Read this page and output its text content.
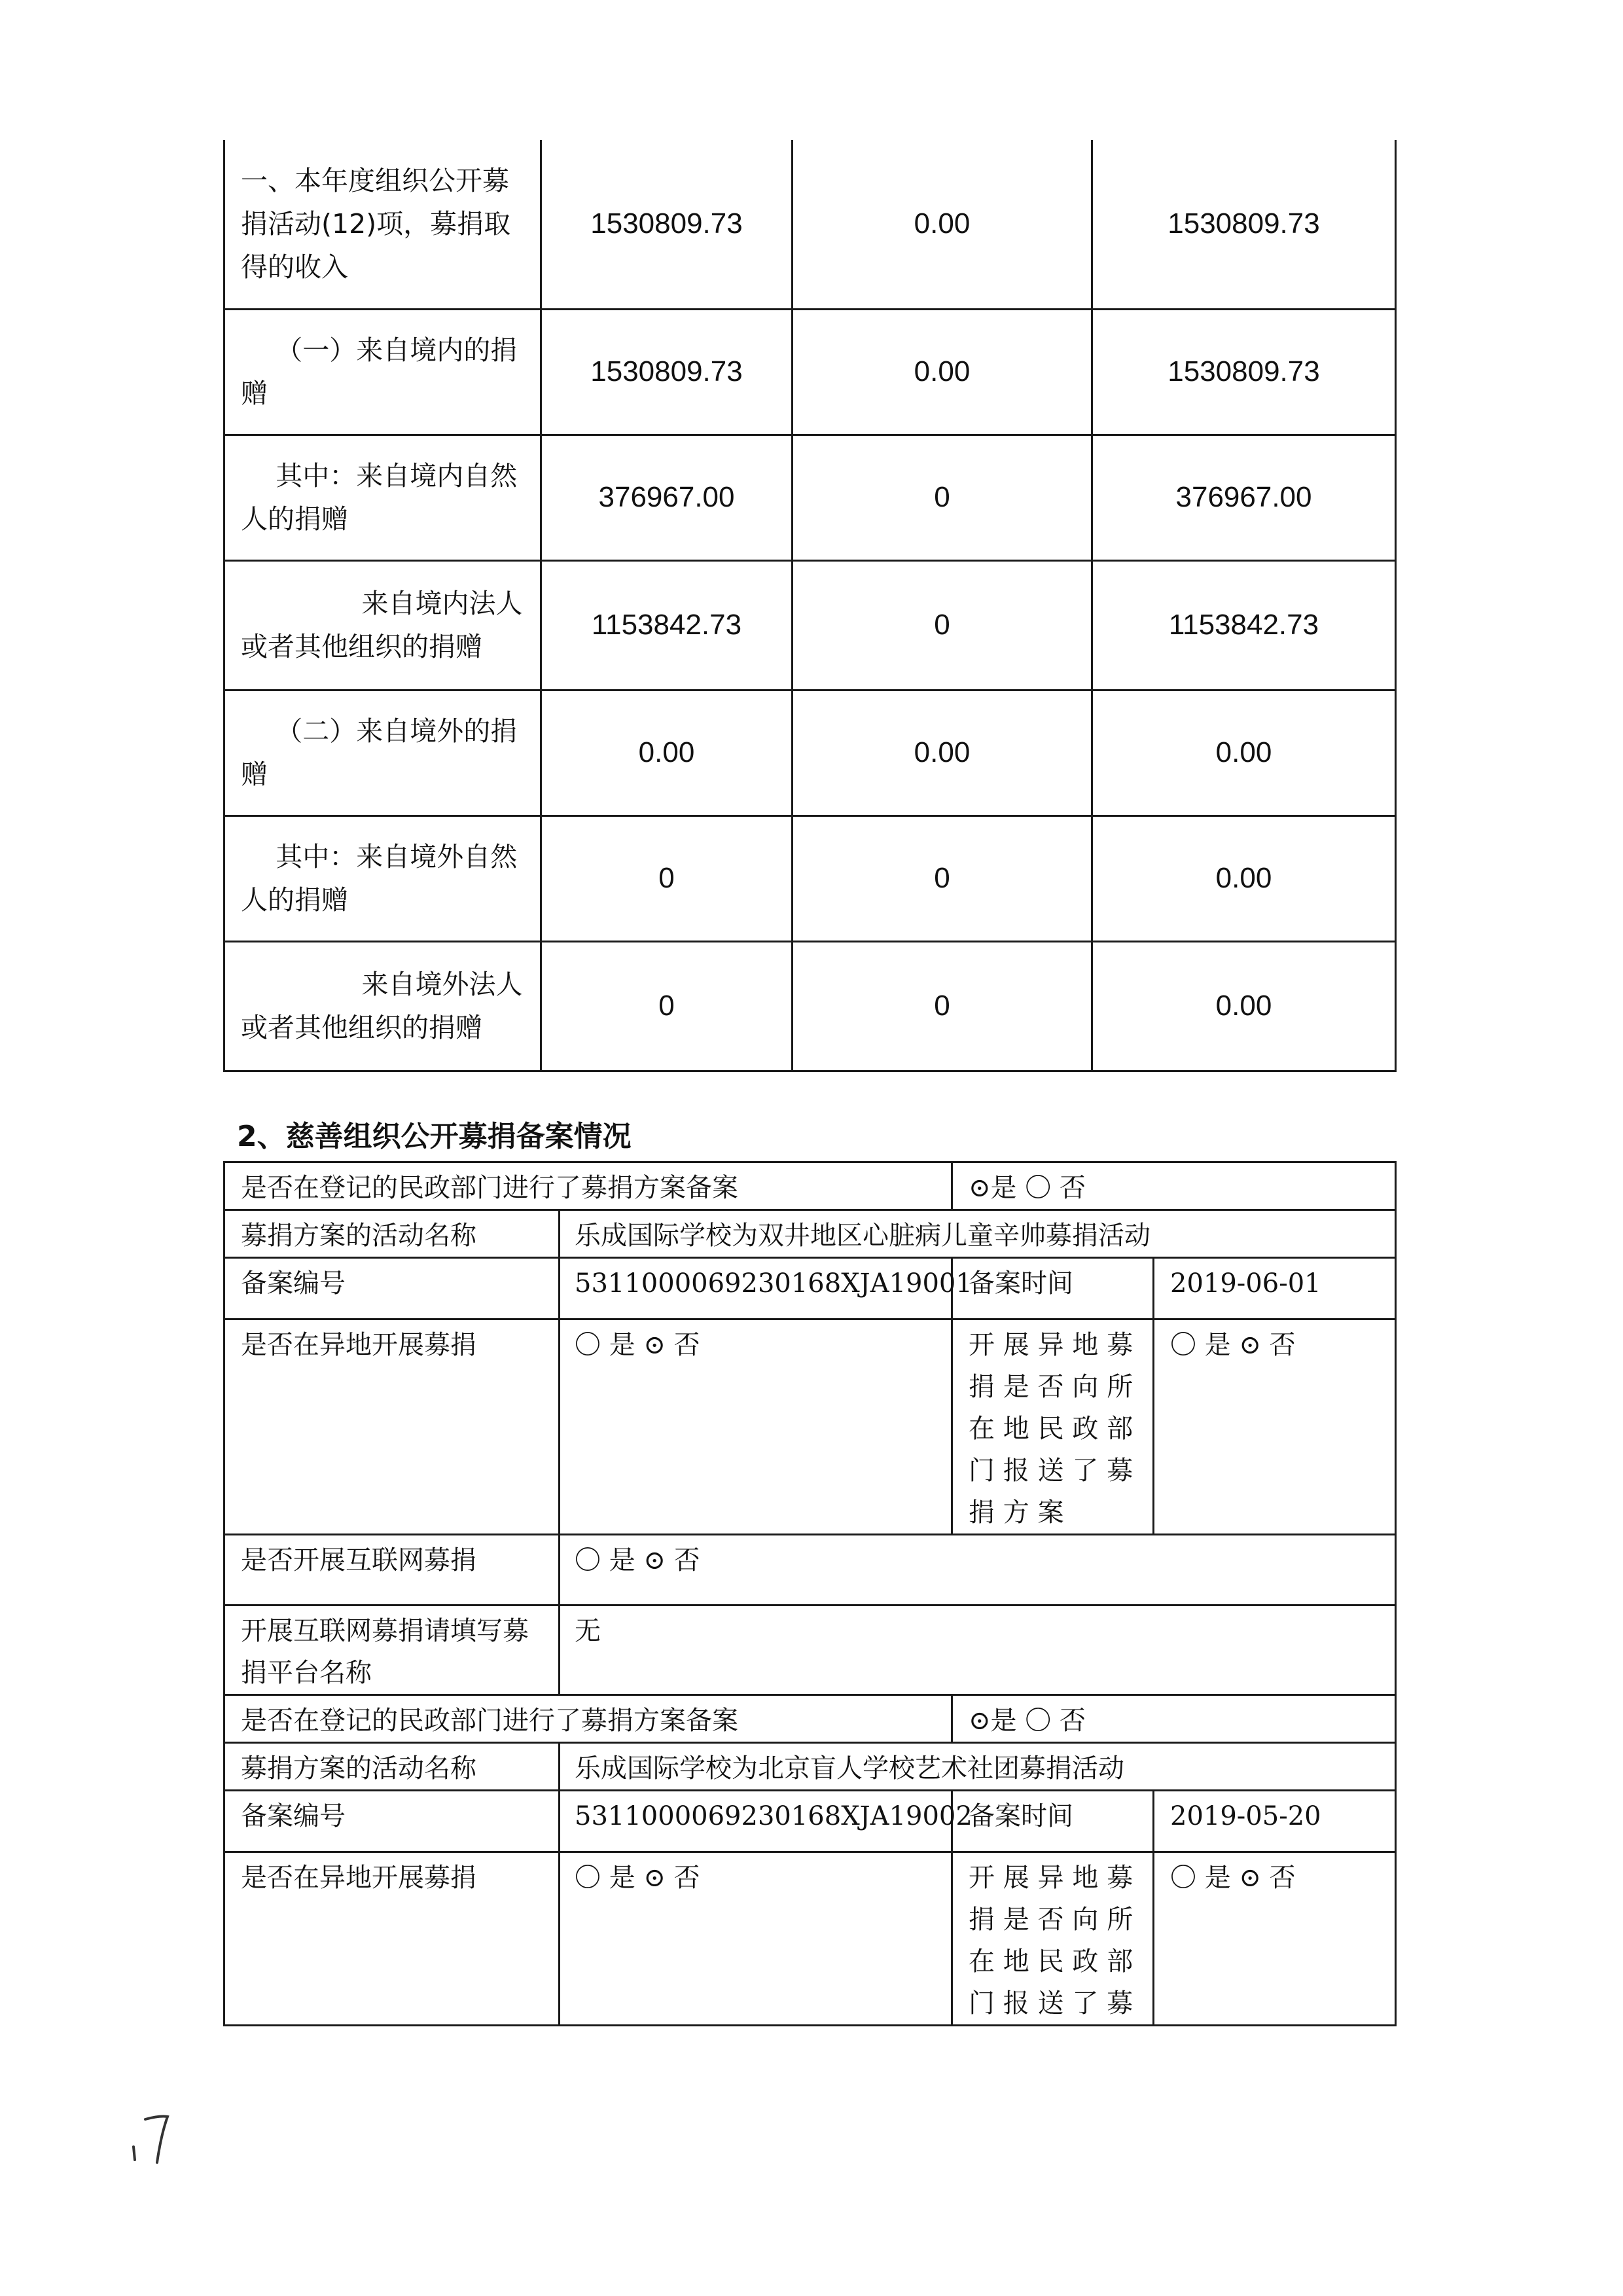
一、本年度组织公开募捐活动(12)项，募捐取得的收入	1530809.73	0.00	1530809.73
（一）来自境内的捐赠	1530809.73	0.00	1530809.73
其中：来自境内自然人的捐赠	376967.00	0	376967.00
来自境内法人或者其他组织的捐赠	1153842.73	0	1153842.73
（二）来自境外的捐赠	0.00	0.00	0.00
其中：来自境外自然人的捐赠	0	0	0.00
来自境外法人或者其他组织的捐赠	0	0	0.00
2、慈善组织公开募捐备案情况
是否在登记的民政部门进行了募捐方案备案		⊙是 〇 否	
募捐方案的活动名称	乐成国际学校为双井地区心脏病儿童辛帅募捐活动		
备案编号	5311000069230168XJA19001	备案时间	2019-06-01
是否在异地开展募捐	〇 是 ⊙ 否	开展异地募捐是否向所在地民政部门报送了募捐方案	〇 是 ⊙ 否
是否开展互联网募捐	〇 是 ⊙ 否		
开展互联网募捐请填写募捐平台名称	无		
是否在登记的民政部门进行了募捐方案备案		⊙是 〇 否	
募捐方案的活动名称	乐成国际学校为北京盲人学校艺术社团募捐活动		
备案编号	5311000069230168XJA19002	备案时间	2019-05-20
是否在异地开展募捐	〇 是 ⊙ 否	开展异地募捐是否向所在地民政部门报送了募	〇 是 ⊙ 否
